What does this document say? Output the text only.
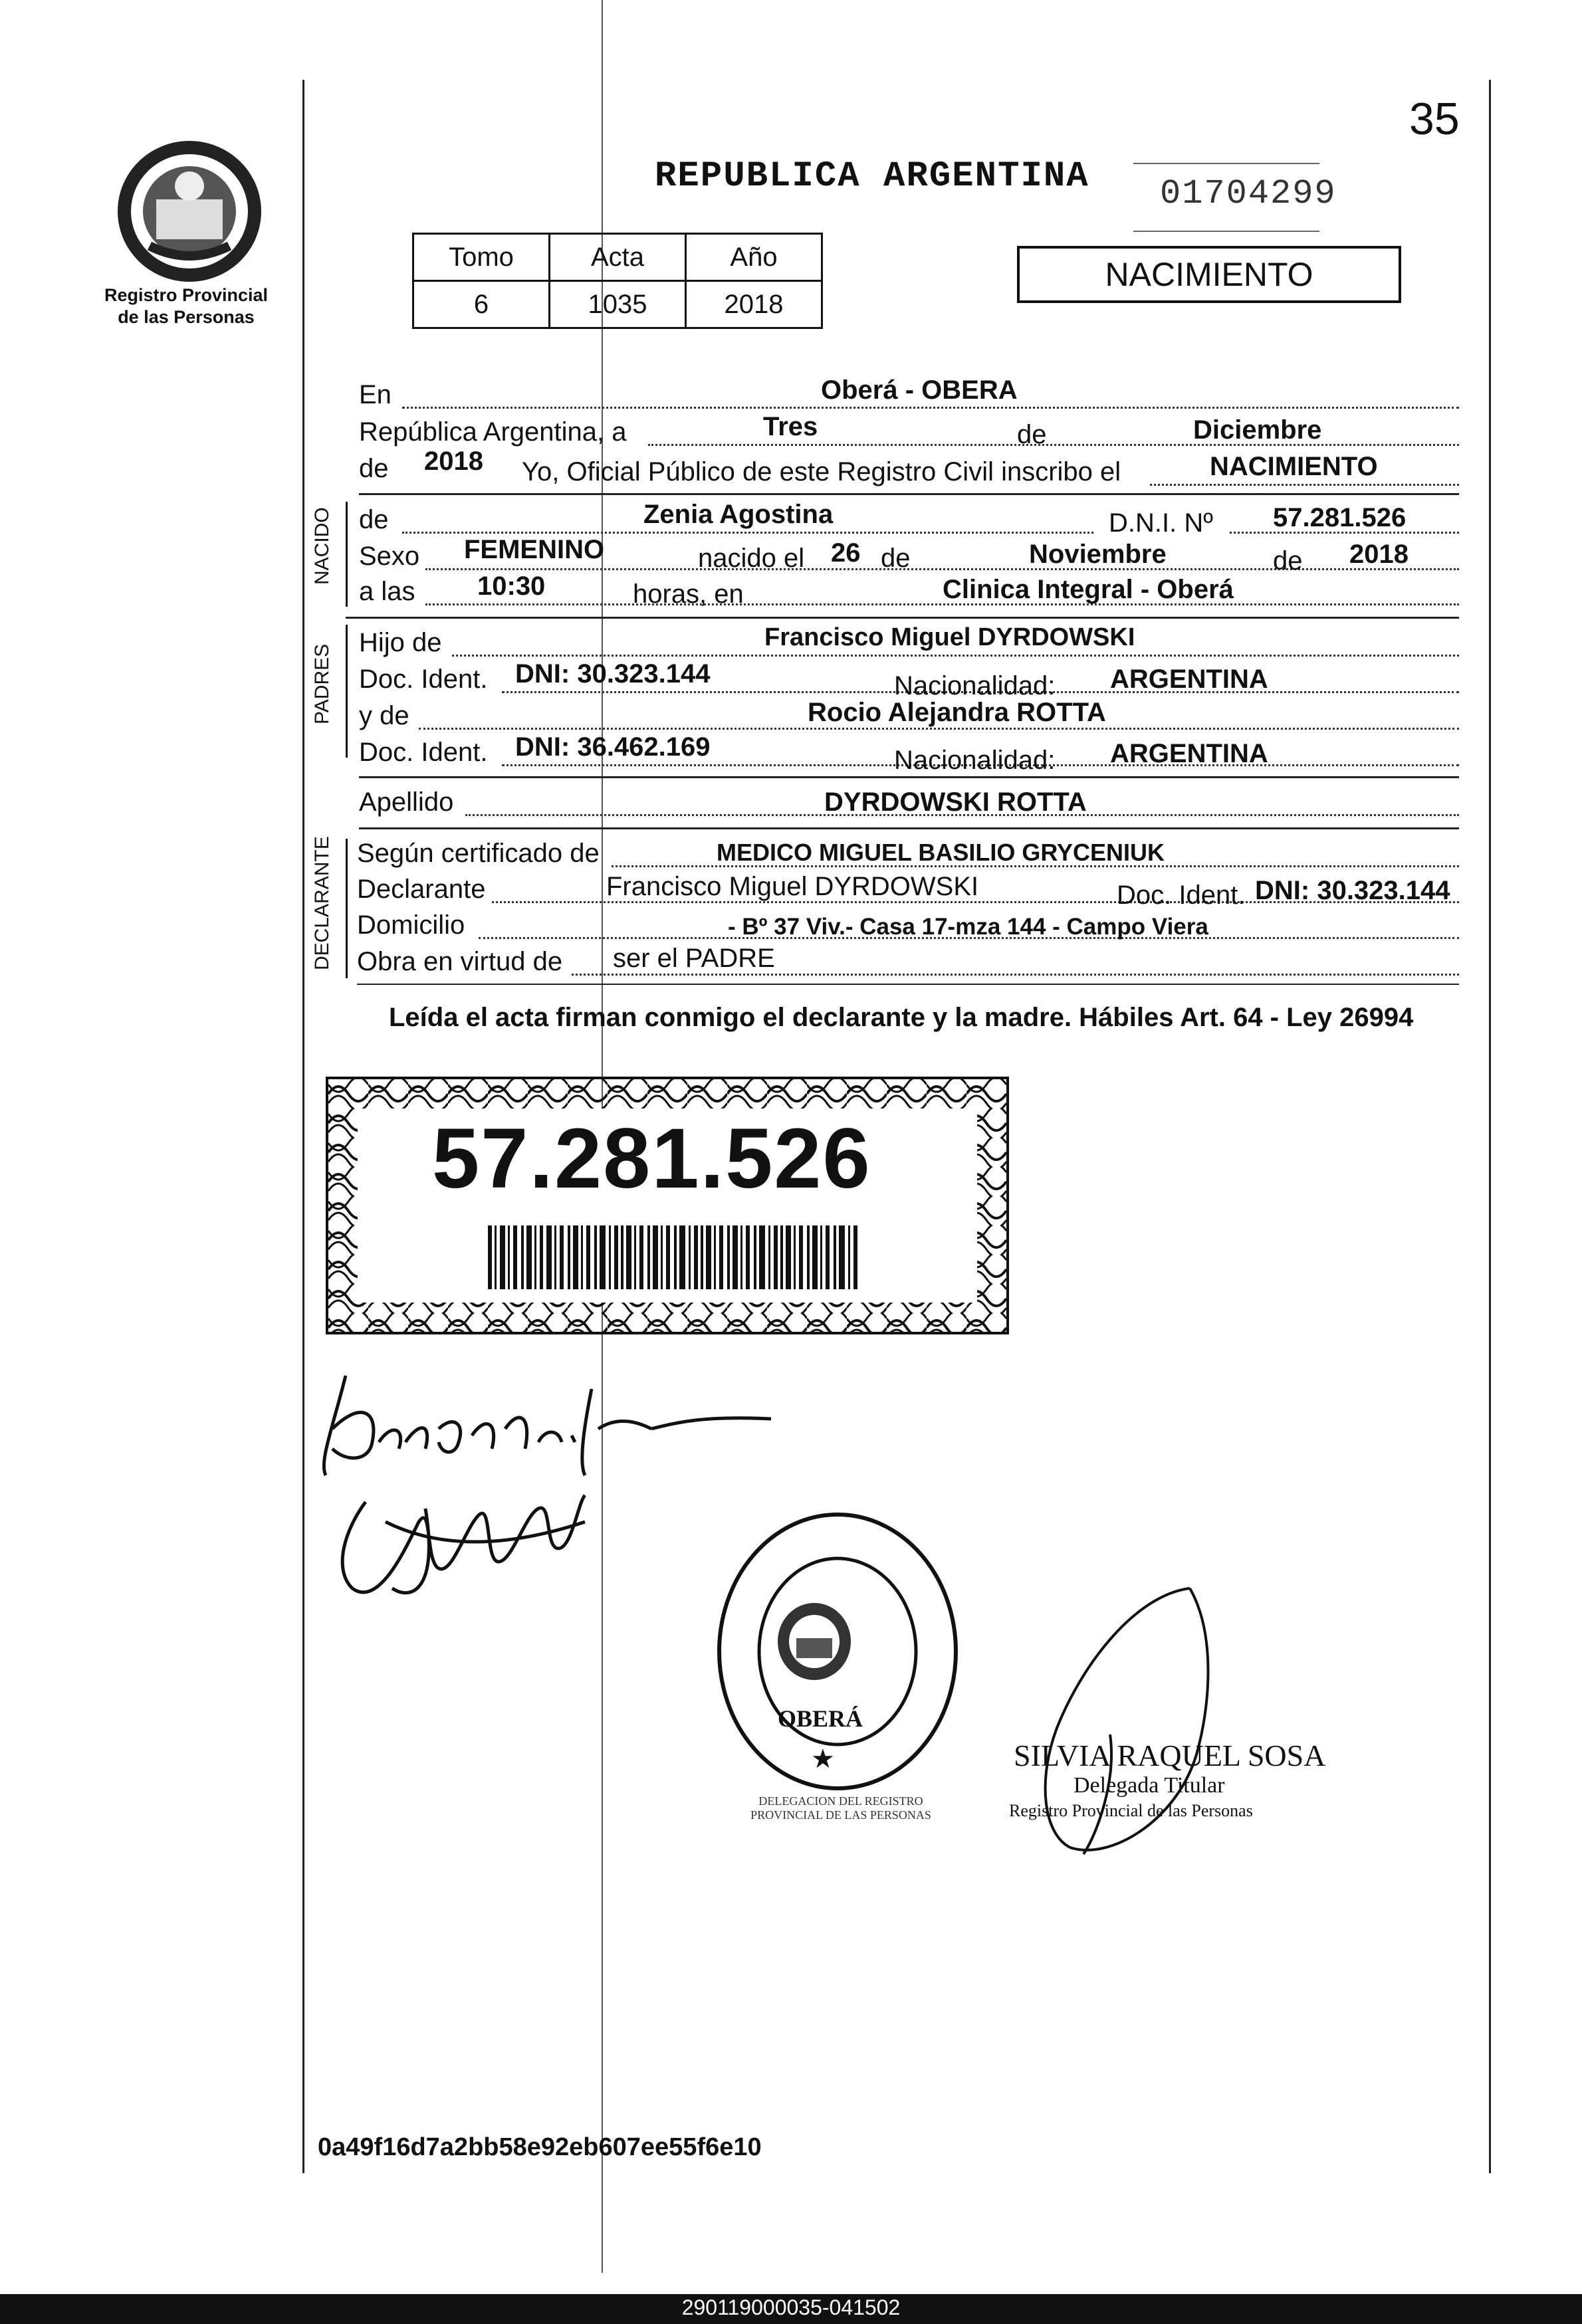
35
Registro Provincial
de las Personas
REPUBLICA ARGENTINA 01704299
NACIMIENTO
Tomo	Acta	Año
6	1035	2018
En	Oberá - OBERA
República Argentina, a	Tres	de	Diciembre
de 2018 Yo, Oficial Público de este Registro Civil inscribo el	NACIMIENTO
NACIDO de	Zenia Agostina	D.N.I. Nº 57.281.526
Sexo FEMENINO	nacido el 26 de	Noviembre	de 2018
a las 10:30	horas, en	Clinica Integral - Oberá
PADRES
Hijo de	Francisco Miguel DYRDOWSKI
Doc. Ident. DNI: 30.323.144	Nacionalidad: ARGENTINA
y de	Rocio Alejandra ROTTA
Doc. Ident. DNI: 36.462.169	Nacionalidad: ARGENTINA
Apellido	DYRDOWSKI ROTTA
DECLARANTE Según certificado de	MEDICO MIGUEL BASILIO GRYCENIUK
Declarante	Francisco Miguel DYRDOWSKI	Doc. Ident. DNI: 30.323.144
Domicilio	- Bº 37 Viv.- Casa 17-mza 144 - Campo Viera
Obra en virtud de ser el PADRE
Leída el acta firman conmigo el declarante y la madre. Hábiles Art. 64 - Ley 26994
57.281.526
★
DELEGACION DEL REGISTRO PROVINCIAL DE LAS PERSONAS
OBERÁ
SILVIA RAQUEL SOSA
Delegada Titular
Registro Provincial de las Personas
0a49f16d7a2bb58e92eb607ee55f6e10
290119000035-041502
